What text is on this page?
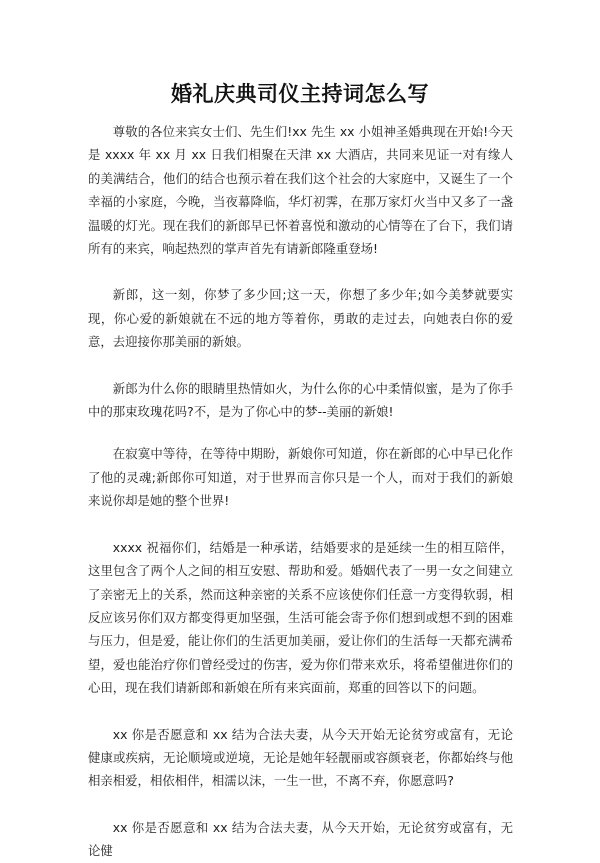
婚礼庆典司仪主持词怎么写

尊敬的各位来宾女士们、先生们!xx 先生 xx 小姐神圣婚典现在开始!今天是 xxxx 年 xx 月 xx 日我们相聚在天津 xx 大酒店，共同来见证一对有缘人的美满结合，他们的结合也预示着在我们这个社会的大家庭中，又诞生了一个幸福的小家庭，今晚，当夜幕降临，华灯初霁，在那万家灯火当中又多了一盏温暖的灯光。现在我们的新郎早已怀着喜悦和激动的心情等在了台下，我们请所有的来宾，响起热烈的掌声首先有请新郎隆重登场!

新郎，这一刻，你梦了多少回;这一天，你想了多少年;如今美梦就要实现，你心爱的新娘就在不远的地方等着你，勇敢的走过去，向她表白你的爱意，去迎接你那美丽的新娘。

新郎为什么你的眼睛里热情如火，为什么你的心中柔情似蜜，是为了你手中的那束玫瑰花吗?不，是为了你心中的梦--美丽的新娘!

在寂寞中等待，在等待中期盼，新娘你可知道，你在新郎的心中早已化作了他的灵魂;新郎你可知道，对于世界而言你只是一个人，而对于我们的新娘来说你却是她的整个世界!

xxxx 祝福你们，结婚是一种承诺，结婚要求的是延续一生的相互陪伴，这里包含了两个人之间的相互安慰、帮助和爱。婚姻代表了一男一女之间建立了亲密无上的关系，然而这种亲密的关系不应该使你们任意一方变得软弱，相反应该另你们双方都变得更加坚强，生活可能会寄予你们想到或想不到的困难与压力，但是爱，能让你们的生活更加美丽，爱让你们的生活每一天都充满希望，爱也能治疗你们曾经受过的伤害，爱为你们带来欢乐，将希望催进你们的心田，现在我们请新郎和新娘在所有来宾面前，郑重的回答以下的问题。

xx 你是否愿意和 xx 结为合法夫妻，从今天开始无论贫穷或富有，无论健康或疾病，无论顺境或逆境，无论是她年轻靓丽或容颜衰老，你都始终与他相亲相爱，相依相伴，相濡以沫，一生一世，不离不弃，你愿意吗?

xx 你是否愿意和 xx 结为合法夫妻，从今天开始，无论贫穷或富有，无论健
